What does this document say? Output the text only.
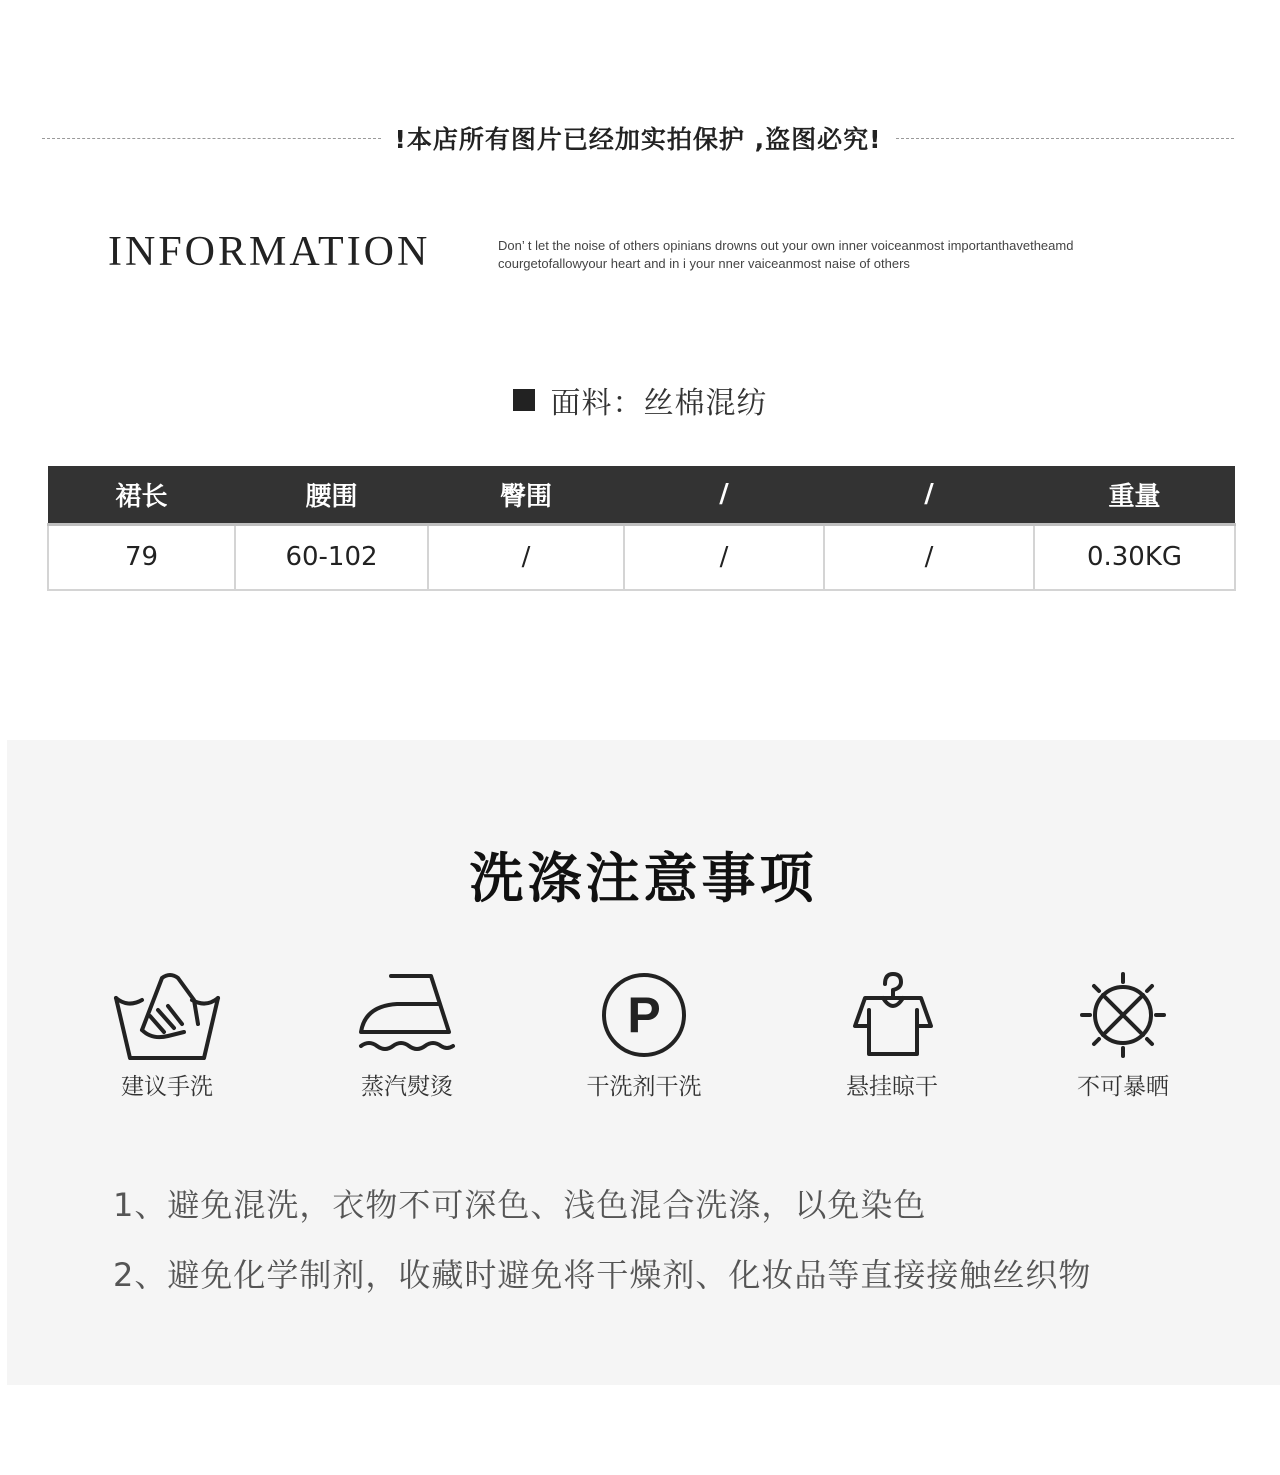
!本店所有图片已经加实拍保护 ,盗图必究!
INFORMATION	Don’ t let the noise of others opinians drowns out your own inner voiceanmost importanthavetheamd
courgetofallowyour heart and in i your nner vaiceanmost naise of others
面料：丝棉混纺
裙长	腰围	臀围	/	/	重量
79	60-102	/	/	/	0.30KG
洗涤注意事项
建议手洗	蒸汽熨烫
P
干洗剂干洗	悬挂晾干	不可暴晒

1、避免混洗，衣物不可深色、浅色混合洗涤，以免染色

2、避免化学制剂，收藏时避免将干燥剂、化妆品等直接接触丝织物
